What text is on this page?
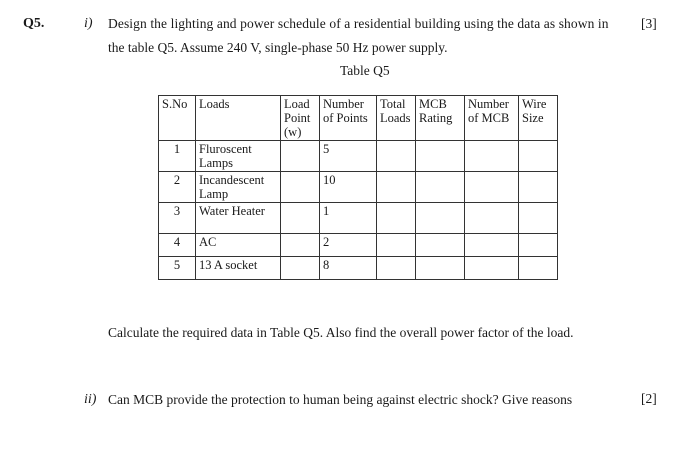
Q5.	i) Design the lighting and power schedule of a residential building using the data as shown in [3]
the table Q5. Assume 240 V, single-phase 50 Hz power supply.
Table Q5
S.No	Loads	Load Point (w)	Number of Points	Total Loads	MCB Rating	Number of MCB	Wire Size
1	Fluroscent Lamps		5				
2	Incandescent Lamp		10				
3	Water Heater		1				
4	AC		2				
5	13 A socket		8				
Calculate the required data in Table Q5. Also find the overall power factor of the load.
ii) Can MCB provide the protection to human being against electric shock? Give reasons	[2]
